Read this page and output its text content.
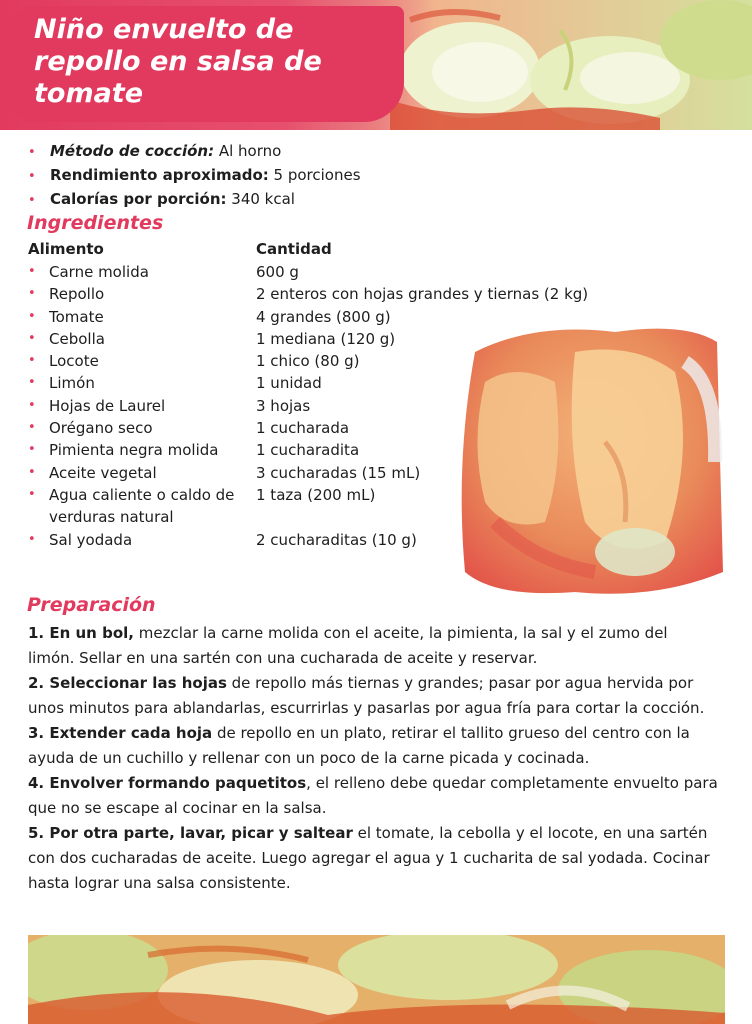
Niño envuelto de repollo en salsa de tomate
• Método de cocción: Al horno
• Rendimiento aproximado: 5 porciones
• Calorías por porción: 340 kcal
Ingredientes
Alimento	Cantidad
• Carne molida	600 g
• Repollo	2 enteros con hojas grandes y tiernas (2 kg)
• Tomate	4 grandes (800 g)
• Cebolla	1 mediana (120 g)
• Locote	1 chico (80 g)
• Limón	1 unidad
• Hojas de Laurel	3 hojas
• Orégano seco	1 cucharada
• Pimienta negra molida	1 cucharadita
• Aceite vegetal	3 cucharadas (15 mL)
• Agua caliente o caldo de verduras natural
1 taza (200 mL)
• Sal yodada	2 cucharaditas (10 g)
Preparación

1. En un bol, mezclar la carne molida con el aceite, la pimienta, la sal y el zumo del limón. Sellar en una sartén con una cucharada de aceite y reservar.

2. Seleccionar las hojas de repollo más tiernas y grandes; pasar por agua hervida por unos minutos para ablandarlas, escurrirlas y pasarlas por agua fría para cortar la cocción.

3. Extender cada hoja de repollo en un plato, retirar el tallito grueso del centro con la ayuda de un cuchillo y rellenar con un poco de la carne picada y cocinada.

4. Envolver formando paquetitos, el relleno debe quedar completamente envuelto para que no se escape al cocinar en la salsa.

5. Por otra parte, lavar, picar y saltear el tomate, la cebolla y el locote, en una sartén con dos cucharadas de aceite. Luego agregar el agua y 1 cucharita de sal yodada. Cocinar hasta lograr una salsa consistente.
